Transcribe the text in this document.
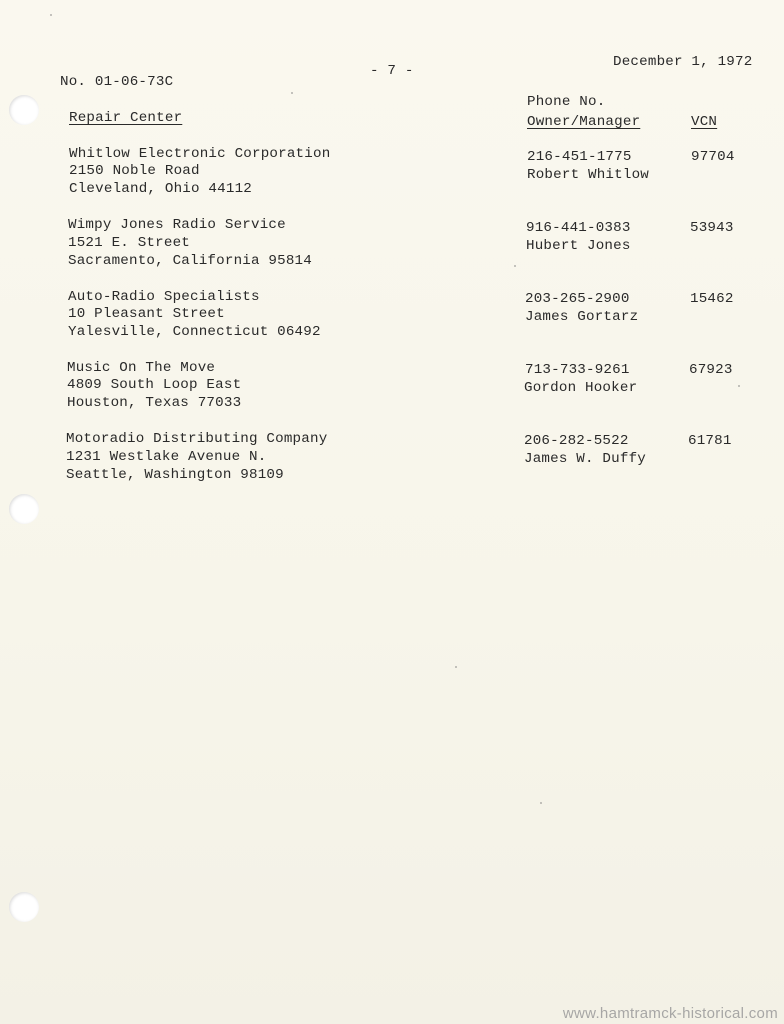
No. 01-06-73C
- 7 -
December 1, 1972
Repair Center
Phone No.
Owner/Manager	VCN
Whitlow Electronic Corporation
2150 Noble Road
Cleveland, Ohio 44112
216-451-1775
Robert Whitlow
97704
Wimpy Jones Radio Service
1521 E. Street
Sacramento, California 95814
916-441-0383
Hubert Jones
53943
Auto-Radio Specialists
10 Pleasant Street
Yalesville, Connecticut 06492
203-265-2900
James Gortarz
15462
Music On The Move
4809 South Loop East
Houston, Texas 77033
713-733-9261
Gordon Hooker
67923
Motoradio Distributing Company
1231 Westlake Avenue N.
Seattle, Washington 98109
206-282-5522
James W. Duffy
61781
www.hamtramck-historical.com
